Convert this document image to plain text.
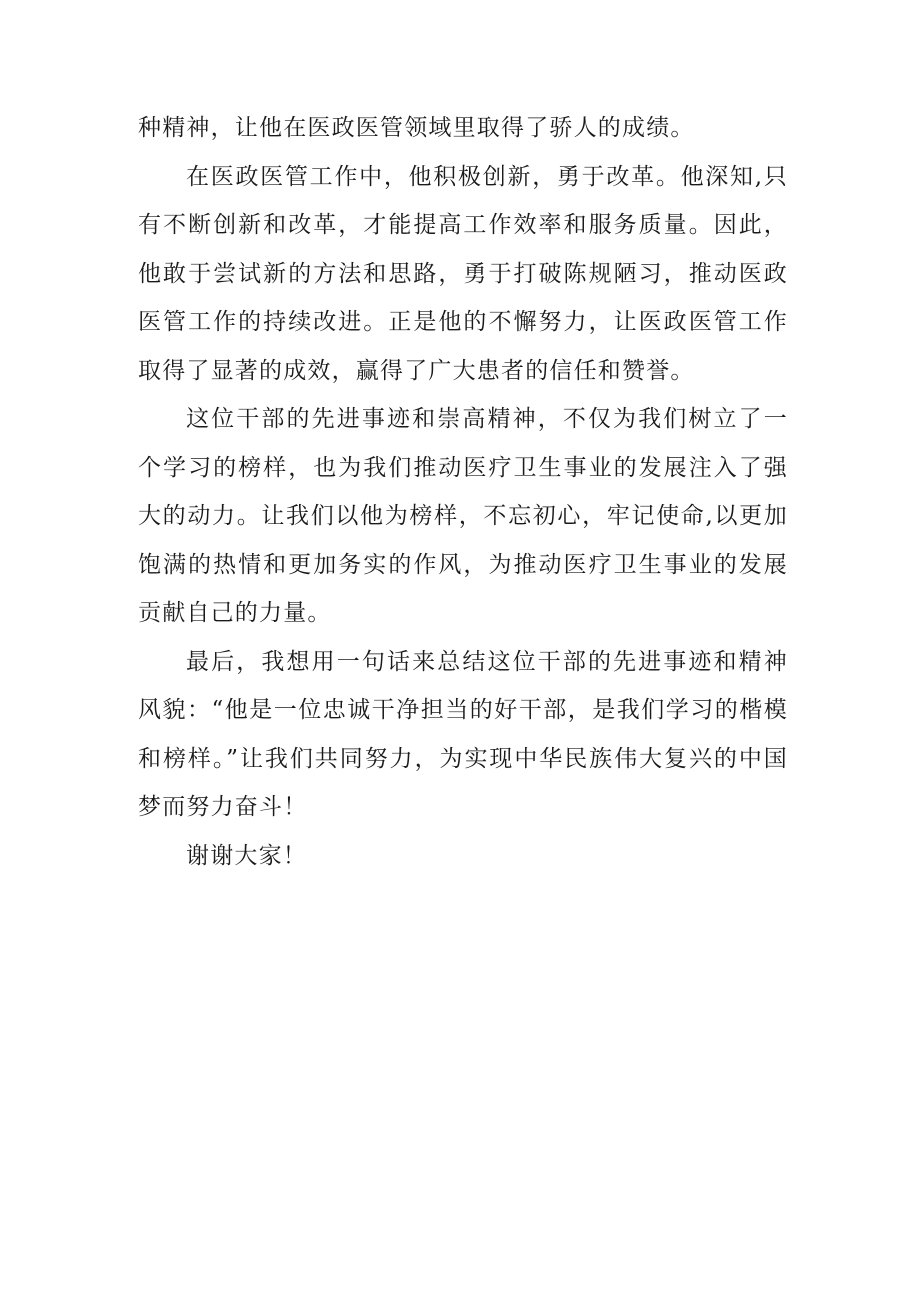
种精神，让他在医政医管领域里取得了骄人的成绩。

在医政医管工作中，他积极创新，勇于改革。他深知,只有不断创新和改革，才能提高工作效率和服务质量。因此，他敢于尝试新的方法和思路，勇于打破陈规陋习，推动医政医管工作的持续改进。正是他的不懈努力，让医政医管工作取得了显著的成效，赢得了广大患者的信任和赞誉。

这位干部的先进事迹和崇高精神，不仅为我们树立了一个学习的榜样，也为我们推动医疗卫生事业的发展注入了强大的动力。让我们以他为榜样，不忘初心，牢记使命,以更加饱满的热情和更加务实的作风，为推动医疗卫生事业的发展贡献自己的力量。

最后，我想用一句话来总结这位干部的先进事迹和精神风貌：“他是一位忠诚干净担当的好干部，是我们学习的楷模和榜样。”让我们共同努力，为实现中华民族伟大复兴的中国梦而努力奋斗！

谢谢大家！
